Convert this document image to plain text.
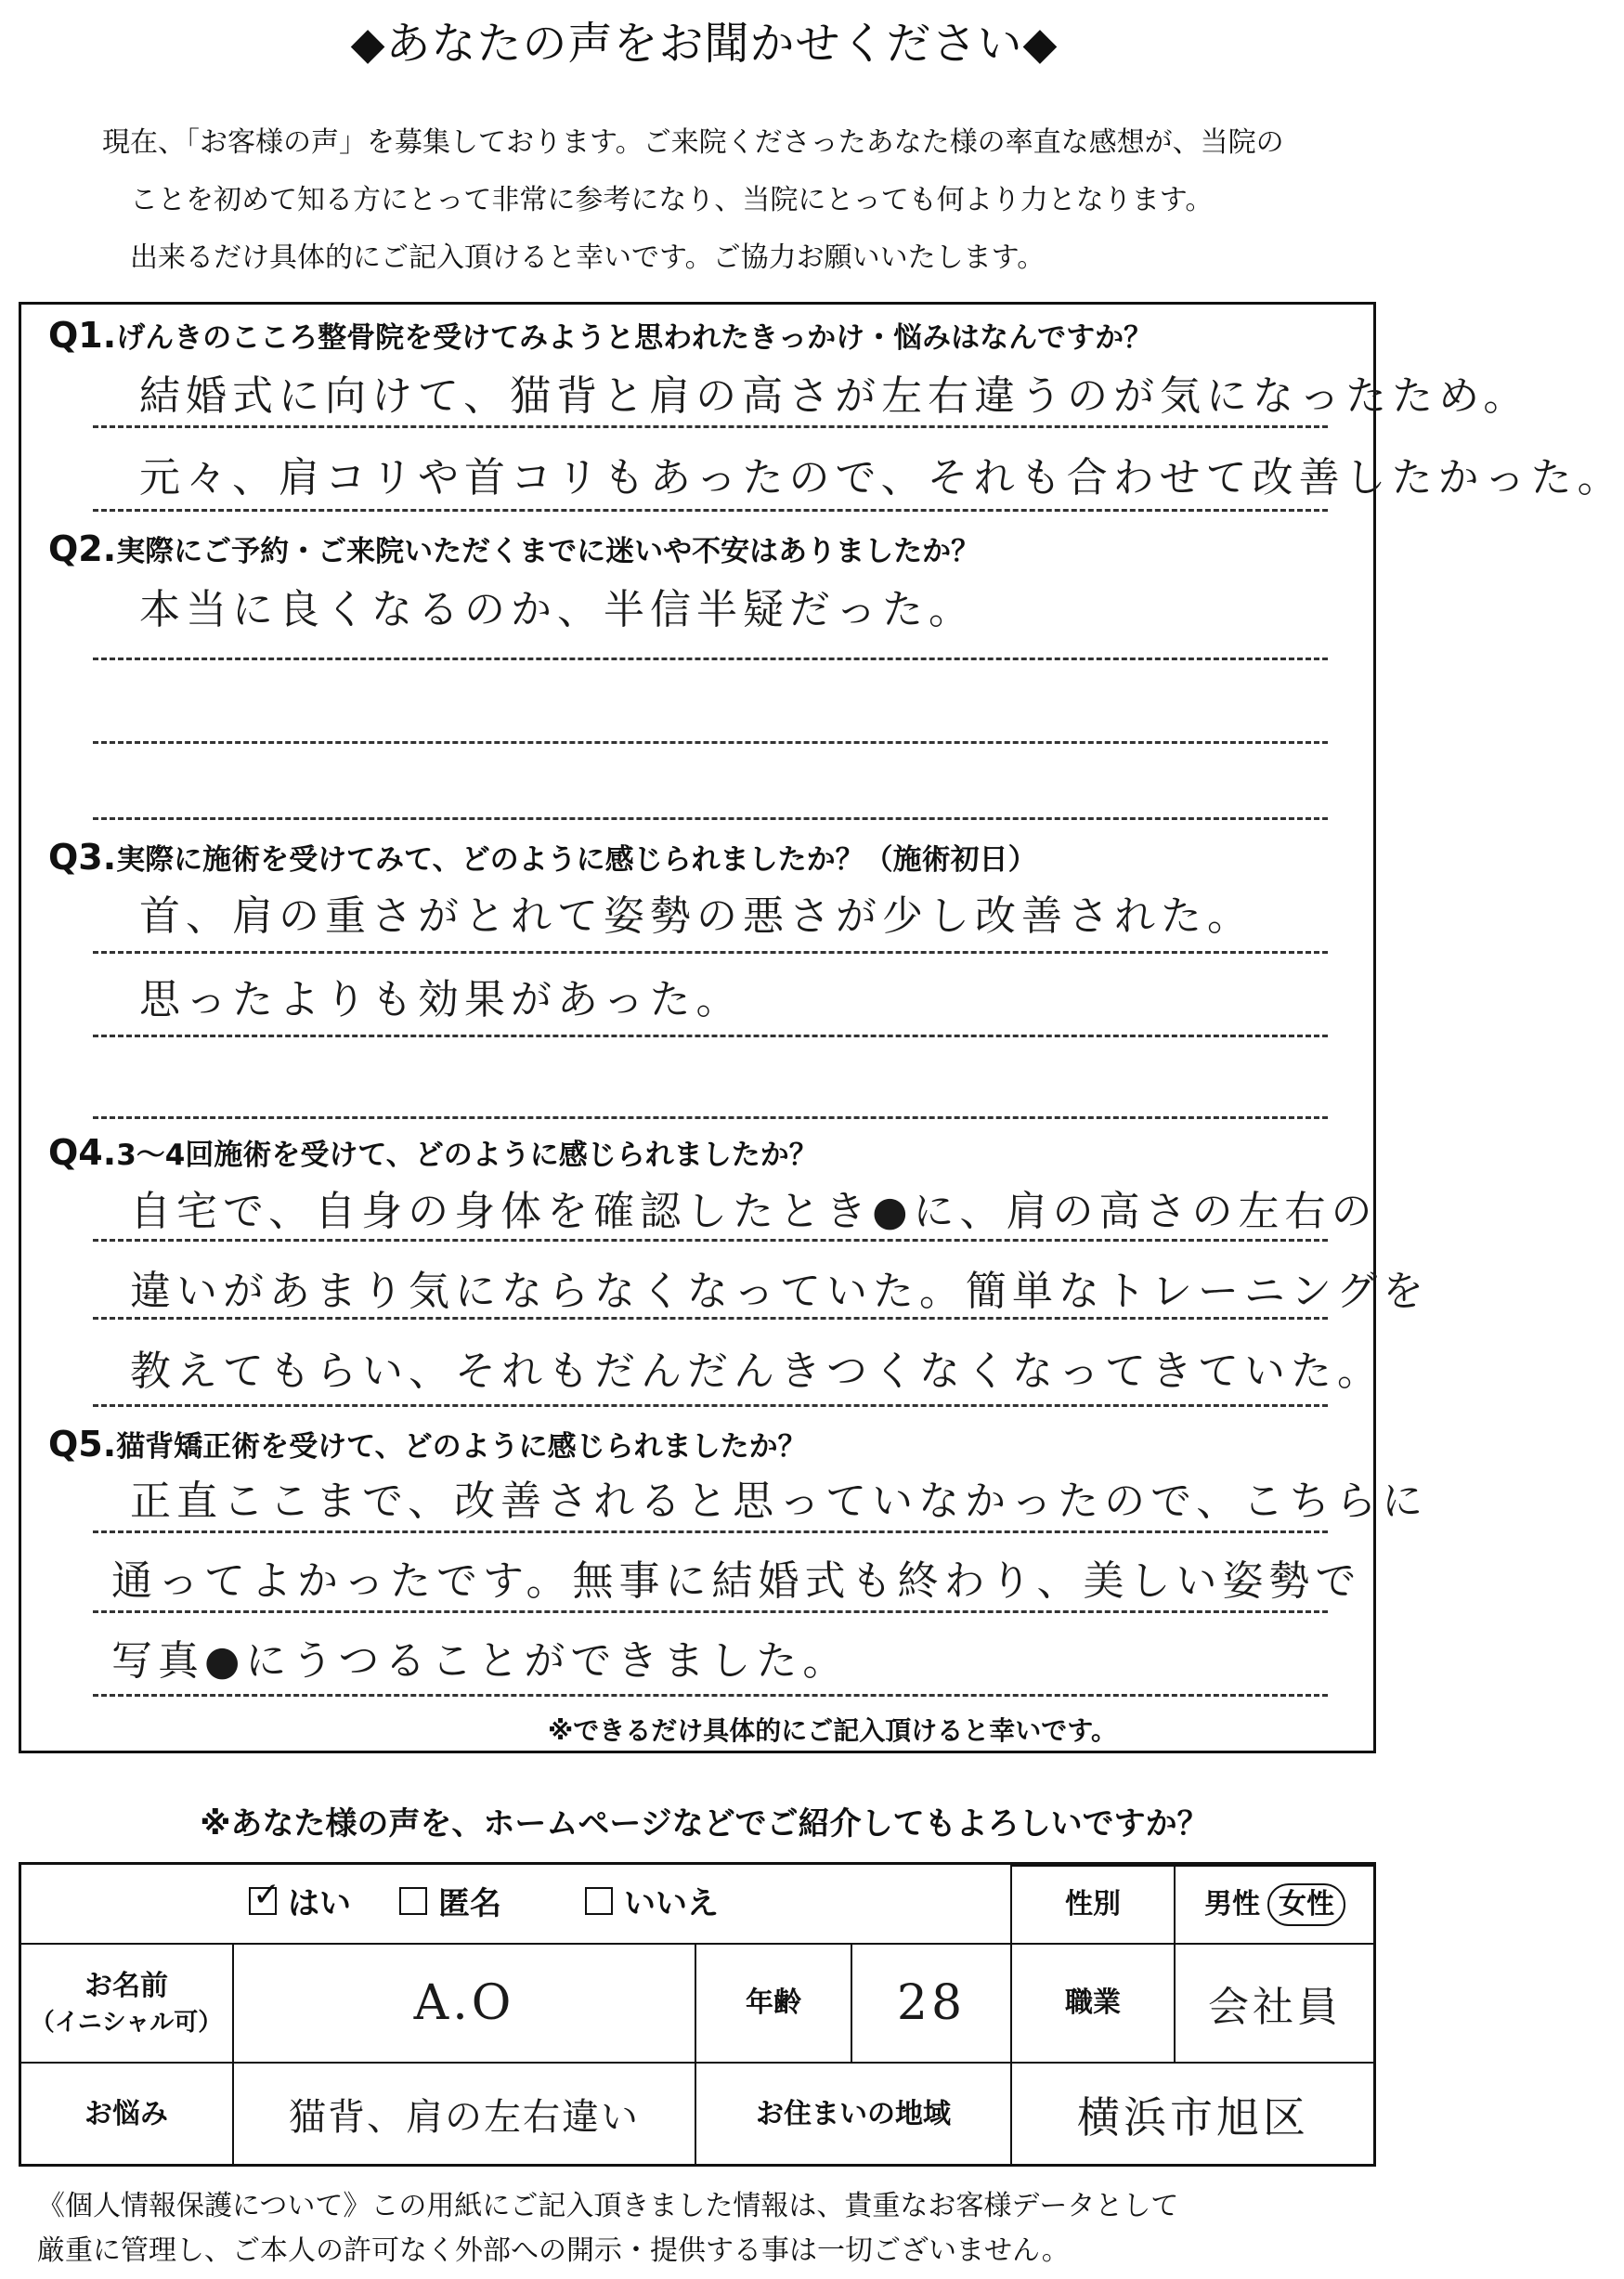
◆あなたの声をお聞かせください◆
現在、「お客様の声」を募集しております。ご来院くださったあなた様の率直な感想が、当院の
ことを初めて知る方にとって非常に参考になり、当院にとっても何より力となります。
出来るだけ具体的にご記入頂けると幸いです。ご協力お願いいたします。
Q1.げんきのこころ整骨院を受けてみようと思われたきっかけ・悩みはなんですか？
結婚式に向けて、猫背と肩の高さが左右違うのが気になったため。
元々、肩コリや首コリもあったので、それも合わせて改善したかった。
Q2.実際にご予約・ご来院いただくまでに迷いや不安はありましたか？
本当に良くなるのか、半信半疑だった。
Q3.実際に施術を受けてみて、どのように感じられましたか？（施術初日）
首、肩の重さがとれて姿勢の悪さが少し改善された。
思ったよりも効果があった。
Q4.3～4回施術を受けて、どのように感じられましたか？
自宅で、自身の身体を確認したとき●に、肩の高さの左右の
違いがあまり気にならなくなっていた。簡単なトレーニングを
教えてもらい、それもだんだんきつくなくなってきていた。
Q5.猫背矯正術を受けて、どのように感じられましたか？
正直ここまで、改善されると思っていなかったので、こちらに
通ってよかったです。無事に結婚式も終わり、美しい姿勢で
写真●にうつることができました。
※できるだけ具体的にご記入頂けると幸いです。
※あなた様の声を、ホームページなどでご紹介してもよろしいですか？
✓
はい	匿名	いいえ	性別	男性 女性
お名前
（イニシャル可）	A.O	年齢 28	職業 会社員
お悩み	猫背、肩の左右違い	お住まいの地域	横浜市旭区
《個人情報保護について》この用紙にご記入頂きました情報は、貴重なお客様データとして
厳重に管理し、ご本人の許可なく外部への開示・提供する事は一切ございません。
